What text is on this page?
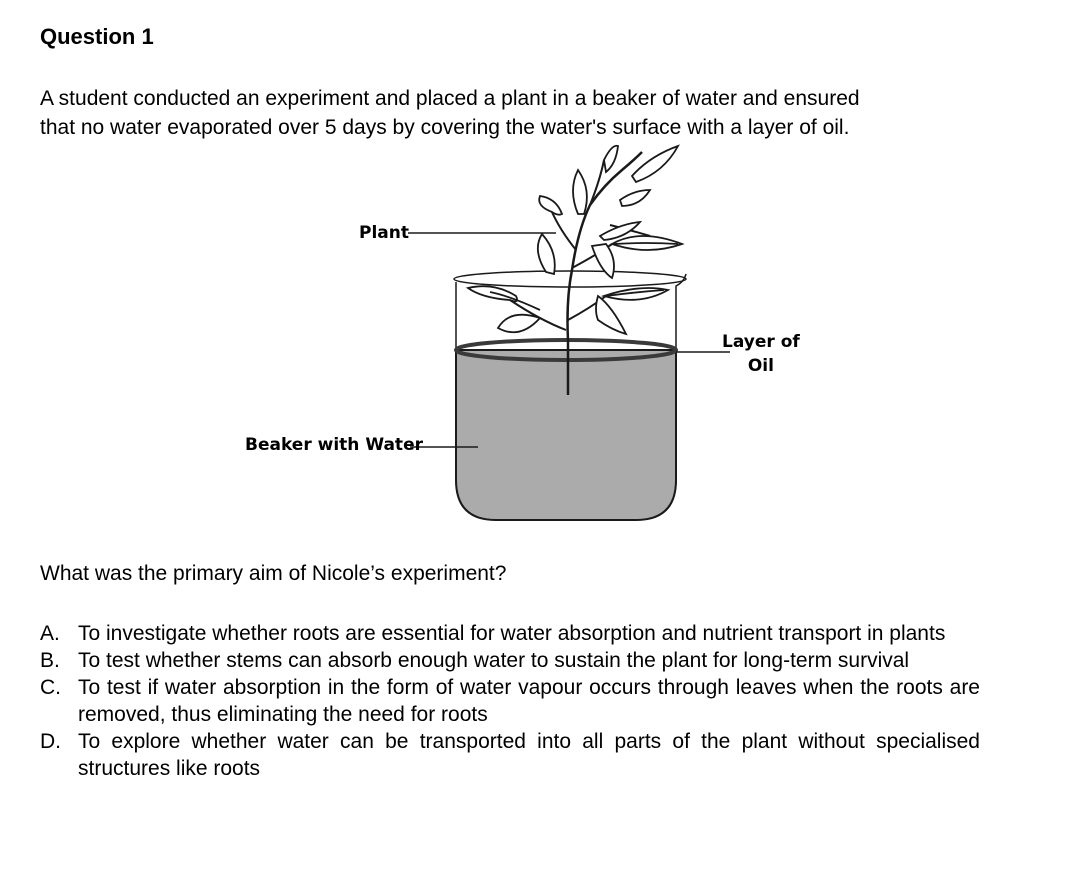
Question 1
A student conducted an experiment and placed a plant in a beaker of water and ensured
that no water evaporated over 5 days by covering the water's surface with a layer of oil.
Plant
Layer of
Oil
Beaker with Water
What was the primary aim of Nicole’s experiment?
A. To investigate whether roots are essential for water absorption and nutrient transport in plants
B. To test whether stems can absorb enough water to sustain the plant for long-term survival
C. To test if water absorption in the form of water vapour occurs through leaves when the roots are removed, thus eliminating the need for roots
D. To explore whether water can be transported into all parts of the plant without specialised structures like roots
